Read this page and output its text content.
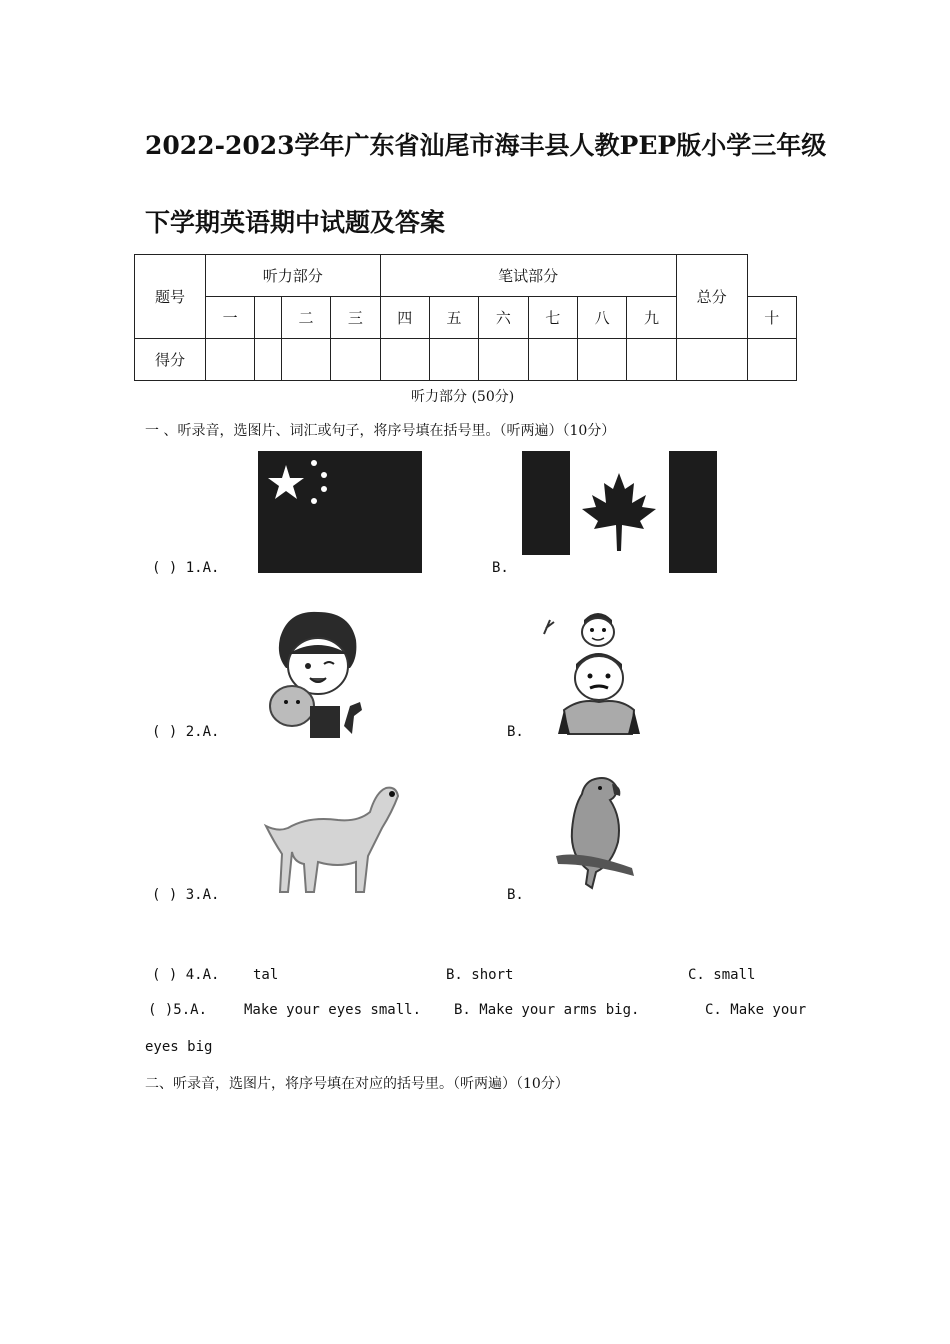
2022-2023学年广东省汕尾市海丰县人教PEP版小学三年级
下学期英语期中试题及答案
题号	听力部分				笔试部分						总分	
	一		二	三	四	五	六	七	八	九		十
得分												
听力部分 (50分)
一 、听录音，选图片、词汇或句子，将序号填在括号里。（听两遍）（10分）
( ) 1.A.	B.
( ) 2.A.	B.
( ) 3.A.	B.
( ) 4.A. tal	B. short	C. small
( )5.A.	Make your eyes small. B. Make your arms big.	C. Make your
eyes big
二、听录音，选图片，将序号填在对应的括号里。（听两遍）（10分）
